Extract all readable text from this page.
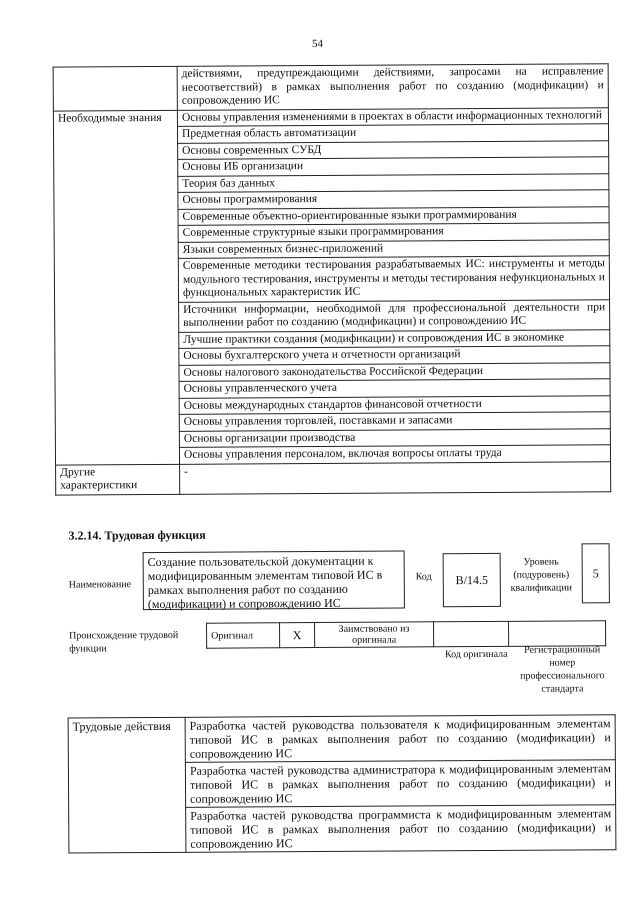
54
	действиями, предупреждающими действиями, запросами на исправление несоответствий) в рамках выполнения работ по созданию (модификации) и сопровождению ИС
Необходимые знания	Основы управления изменениями в проектах в области информационных технологий
	Предметная область автоматизации
	Основы современных СУБД
	Основы ИБ организации
	Теория баз данных
	Основы программирования
	Современные объектно-ориентированные языки программирования
	Современные структурные языки программирования
	Языки современных бизнес-приложений
	Современные методики тестирования разрабатываемых ИС: инструменты и методы модульного тестирования, инструменты и методы тестирования нефункциональных и функциональных характеристик ИС
	Источники информации, необходимой для профессиональной деятельности при выполнении работ по созданию (модификации) и сопровождению ИС
	Лучшие практики создания (модификации) и сопровождения ИС в экономике
	Основы бухгалтерского учета и отчетности организаций
	Основы налогового законодательства Российской Федерации
	Основы управленческого учета
	Основы международных стандартов финансовой отчетности
	Основы управления торговлей, поставками и запасами
	Основы организации производства
	Основы управления персоналом, включая вопросы оплаты труда
Другие характеристики	-
3.2.14. Трудовая функция
Наименование
Создание пользовательской документации к модифицированным элементам типовой ИС в рамках выполнения работ по созданию (модификации) и сопровождению ИС
Код	B/14.5
Уровень (подуровень) квалификации
5
Происхождение трудовой функции
Оригинал	X	Заимствовано из оригинала		
Код оригинала	Регистрационный номер профессионального стандарта
Трудовые действия	Разработка частей руководства пользователя к модифицированным элементам типовой ИС в рамках выполнения работ по созданию (модификации) и сопровождению ИС
Разработка частей руководства администратора к модифицированным элементам типовой ИС в рамках выполнения работ по созданию (модификации) и сопровождению ИС
Разработка частей руководства программиста к модифицированным элементам типовой ИС в рамках выполнения работ по созданию (модификации) и сопровождению ИС
